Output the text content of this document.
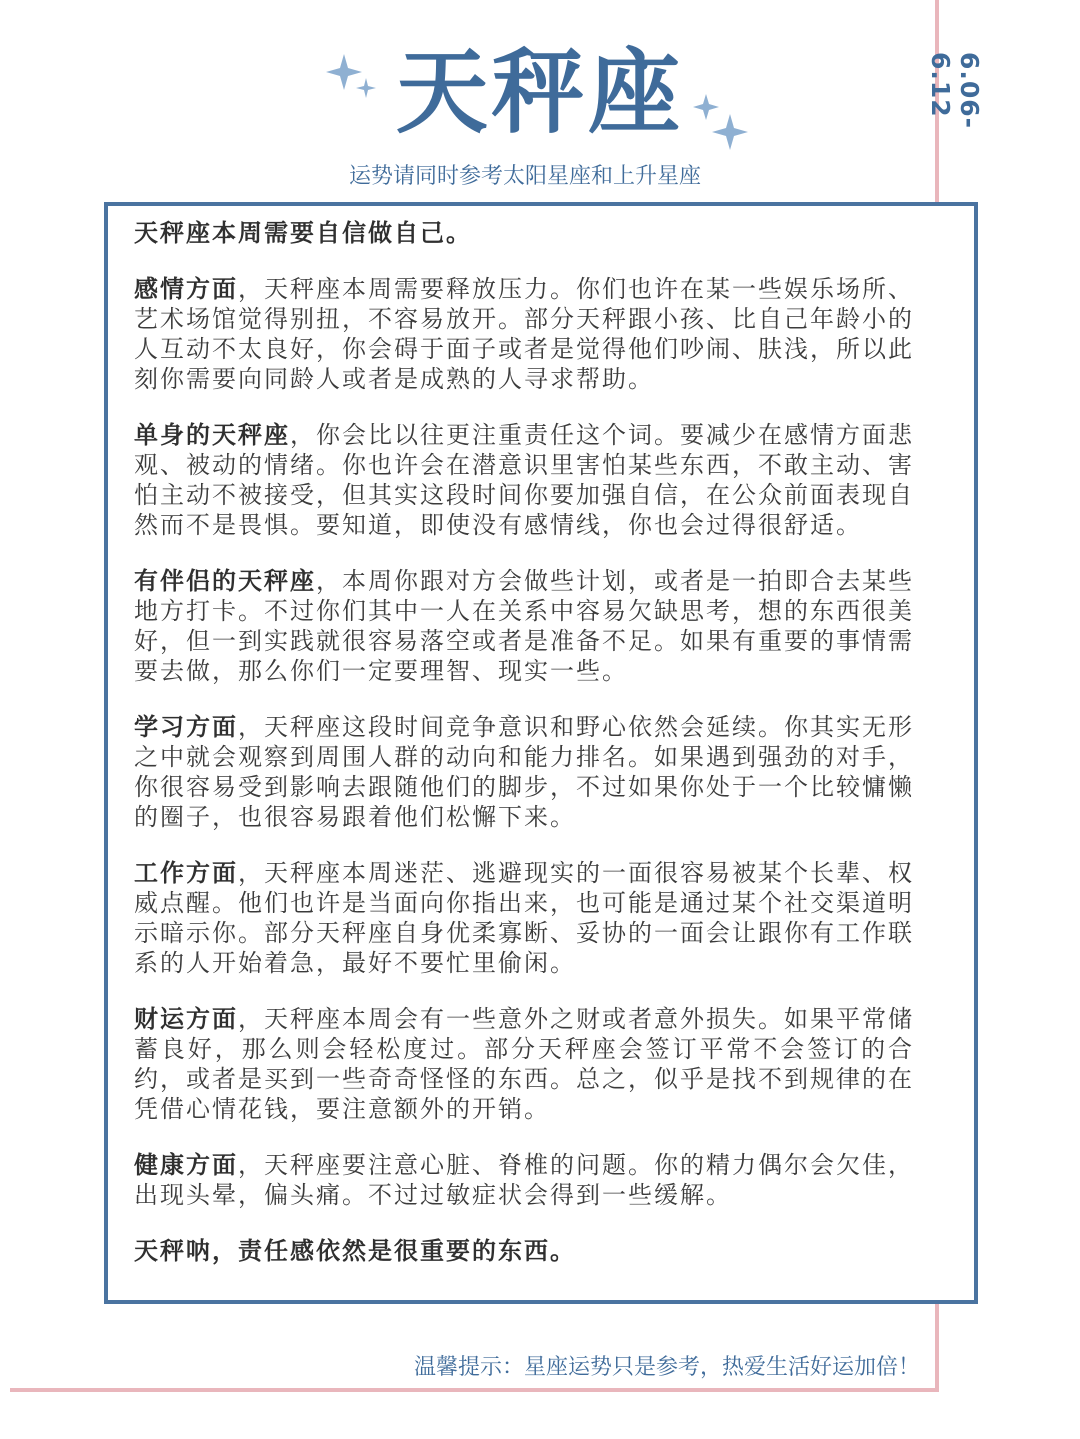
6.06-6.12
天秤座
运势请同时参考太阳星座和上升星座

天秤座本周需要自信做自己。

感情方面，天秤座本周需要释放压力。你们也许在某一些娱乐场所、艺术场馆觉得别扭，不容易放开。部分天秤跟小孩、比自己年龄小的人互动不太良好，你会碍于面子或者是觉得他们吵闹、肤浅，所以此刻你需要向同龄人或者是成熟的人寻求帮助。

单身的天秤座，你会比以往更注重责任这个词。要减少在感情方面悲观、被动的情绪。你也许会在潜意识里害怕某些东西，不敢主动、害怕主动不被接受，但其实这段时间你要加强自信，在公众前面表现自然而不是畏惧。要知道，即使没有感情线，你也会过得很舒适。

有伴侣的天秤座，本周你跟对方会做些计划，或者是一拍即合去某些地方打卡。不过你们其中一人在关系中容易欠缺思考，想的东西很美好，但一到实践就很容易落空或者是准备不足。如果有重要的事情需要去做，那么你们一定要理智、现实一些。

学习方面，天秤座这段时间竞争意识和野心依然会延续。你其实无形之中就会观察到周围人群的动向和能力排名。如果遇到强劲的对手，你很容易受到影响去跟随他们的脚步，不过如果你处于一个比较慵懒的圈子，也很容易跟着他们松懈下来。

工作方面，天秤座本周迷茫、逃避现实的一面很容易被某个长辈、权威点醒。他们也许是当面向你指出来，也可能是通过某个社交渠道明示暗示你。部分天秤座自身优柔寡断、妥协的一面会让跟你有工作联系的人开始着急，最好不要忙里偷闲。

财运方面，天秤座本周会有一些意外之财或者意外损失。如果平常储蓄良好，那么则会轻松度过。部分天秤座会签订平常不会签订的合约，或者是买到一些奇奇怪怪的东西。总之，似乎是找不到规律的在凭借心情花钱，要注意额外的开销。

健康方面，天秤座要注意心脏、脊椎的问题。你的精力偶尔会欠佳，出现头晕，偏头痛。不过过敏症状会得到一些缓解。

天秤呐，责任感依然是很重要的东西。

温馨提示：星座运势只是参考，热爱生活好运加倍！
